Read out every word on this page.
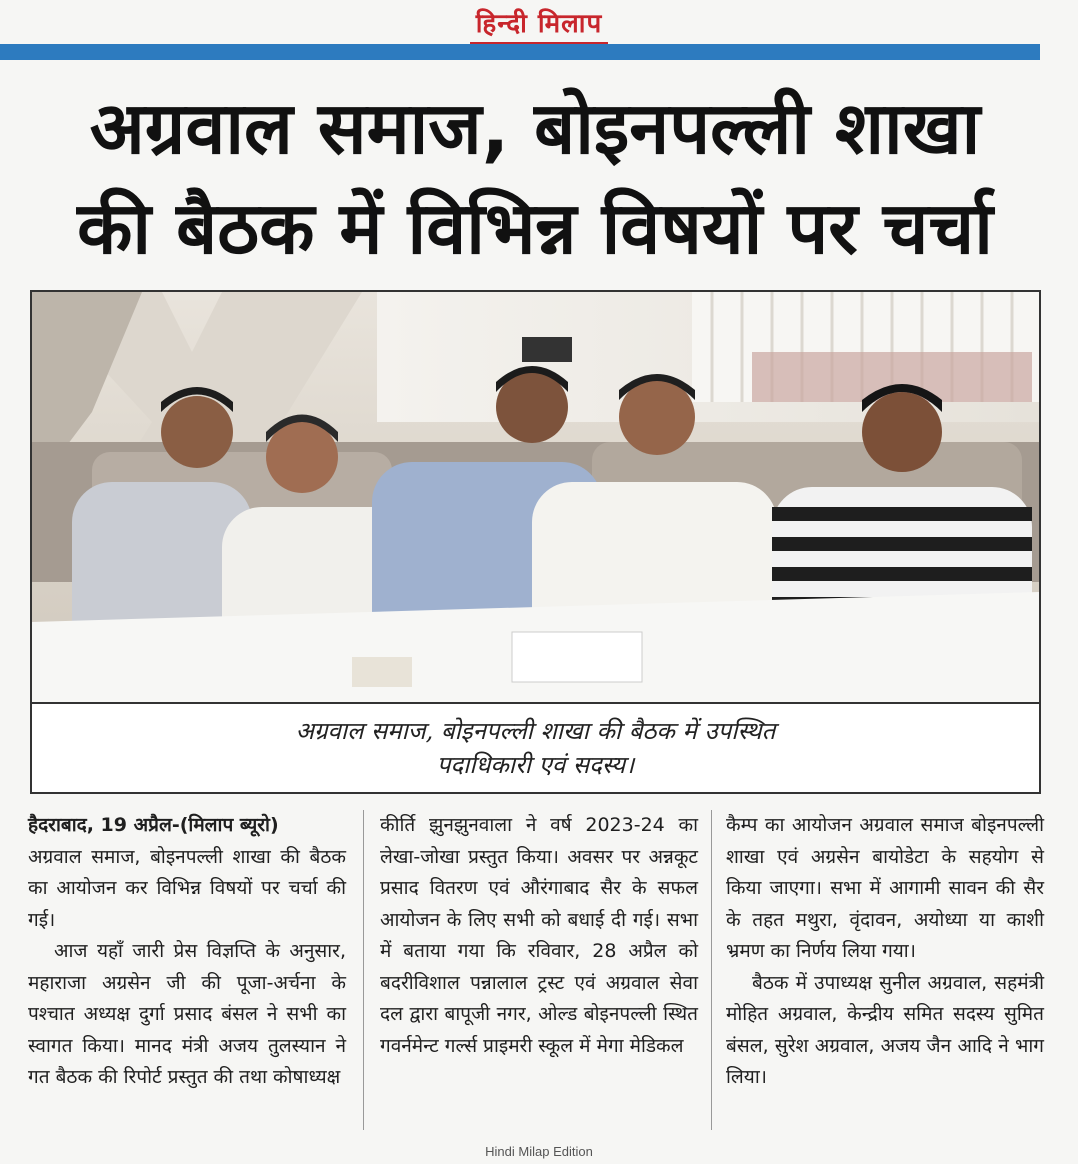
हिन्दी मिलाप
अग्रवाल समाज, बोइनपल्ली शाखा
की बैठक में विभिन्न विषयों पर चर्चा
अग्रवाल समाज, बोइनपल्ली शाखा की बैठक में उपस्थित
पदाधिकारी एवं सदस्य।

हैदराबाद, 19 अप्रैल-(मिलाप ब्यूरो)

अग्रवाल समाज, बोइनपल्ली शाखा की बैठक का आयोजन कर विभिन्न विषयों पर चर्चा की गई।

आज यहाँ जारी प्रेस विज्ञप्ति के अनुसार, महाराजा अग्रसेन जी की पूजा-अर्चना के पश्चात अध्यक्ष दुर्गा प्रसाद बंसल ने सभी का स्वागत किया। मानद मंत्री अजय तुलस्यान ने गत बैठक की रिपोर्ट प्रस्तुत की तथा कोषाध्यक्ष

कीर्ति झुनझुनवाला ने वर्ष 2023-24 का लेखा-जोखा प्रस्तुत किया। अवसर पर अन्नकूट प्रसाद वितरण एवं औरंगाबाद सैर के सफल आयोजन के लिए सभी को बधाई दी गई। सभा में बताया गया कि रविवार, 28 अप्रैल को बदरीविशाल पन्नालाल ट्रस्ट एवं अग्रवाल सेवा दल द्वारा बापूजी नगर, ओल्ड बोइनपल्ली स्थित गवर्नमेन्ट गर्ल्स प्राइमरी स्कूल में मेगा मेडिकल

कैम्प का आयोजन अग्रवाल समाज बोइनपल्ली शाखा एवं अग्रसेन बायोडेटा के सहयोग से किया जाएगा। सभा में आगामी सावन की सैर के तहत मथुरा, वृंदावन, अयोध्या या काशी भ्रमण का निर्णय लिया गया।

बैठक में उपाध्यक्ष सुनील अग्रवाल, सहमंत्री मोहित अग्रवाल, केन्द्रीय समित सदस्य सुमित बंसल, सुरेश अग्रवाल, अजय जैन आदि ने भाग लिया।

Hindi Milap Edition
